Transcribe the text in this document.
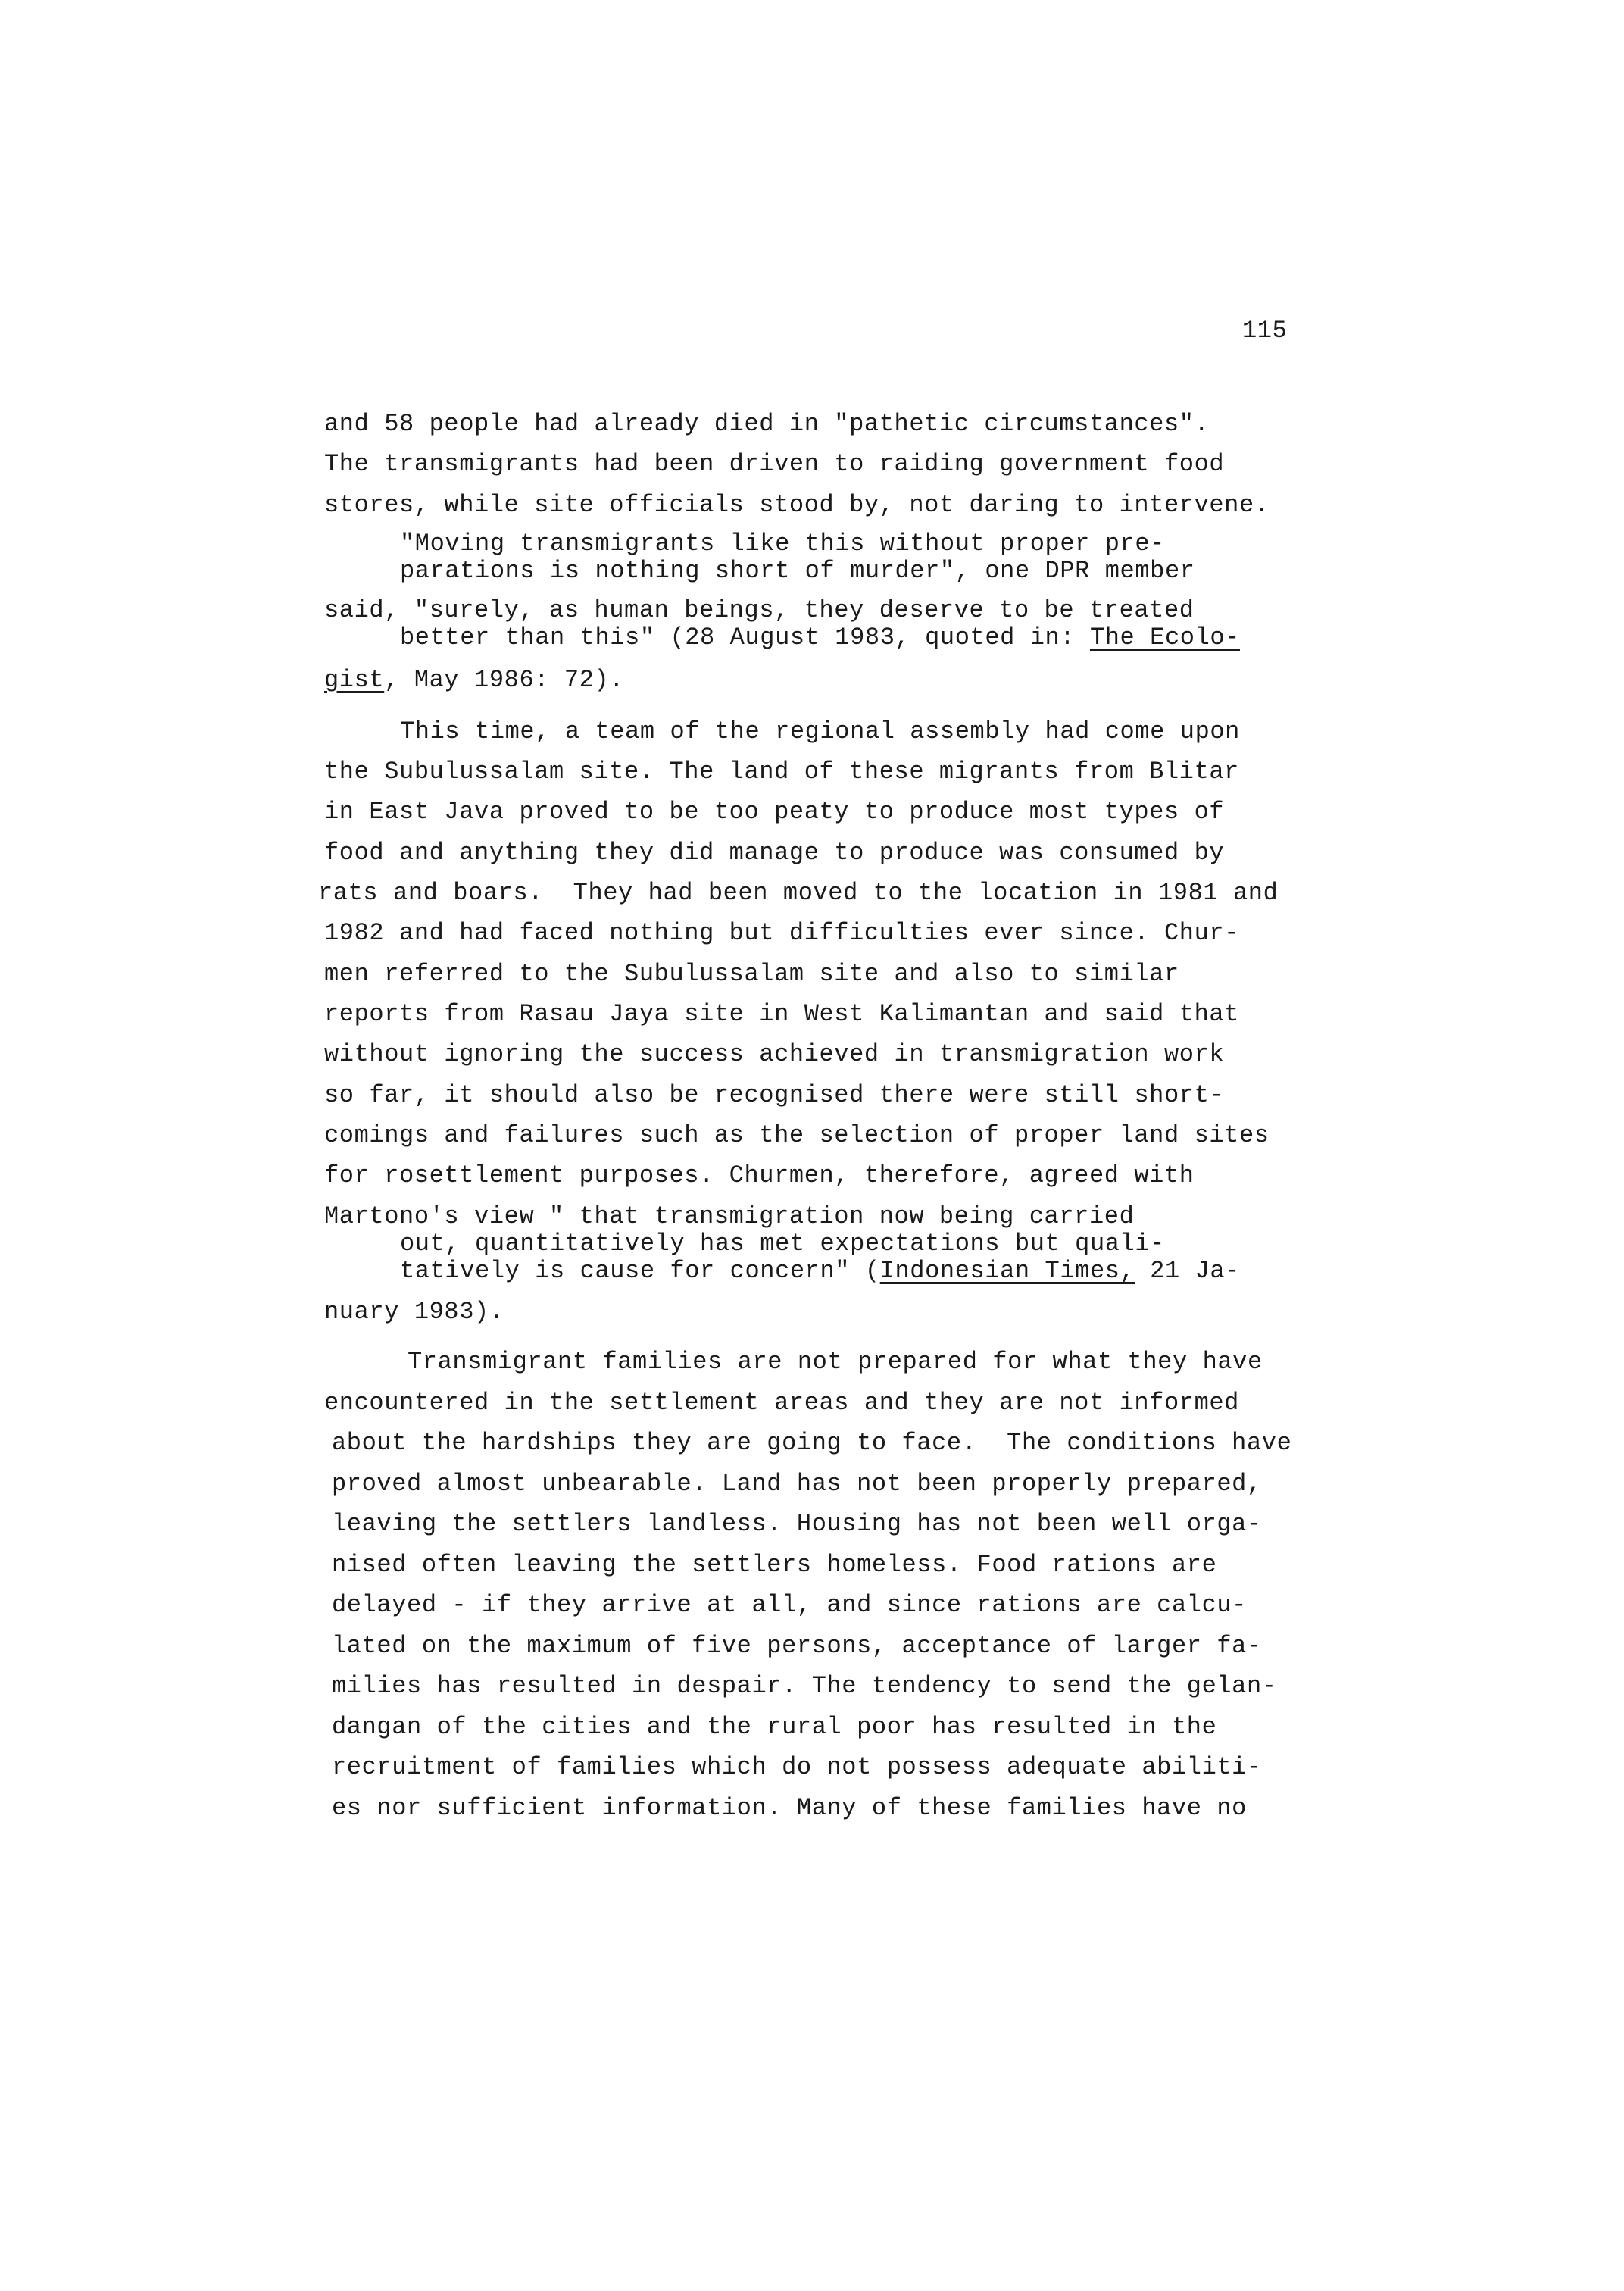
115
and 58 people had already died in "pathetic circumstances".
The transmigrants had been driven to raiding government food
stores, while site officials stood by, not daring to intervene.
"Moving transmigrants like this without proper pre-
parations is nothing short of murder", one DPR member
said, "surely, as human beings, they deserve to be treated
better than this" (28 August 1983, quoted in: The Ecolo-
gist, May 1986: 72).
This time, a team of the regional assembly had come upon
the Subulussalam site. The land of these migrants from Blitar
in East Java proved to be too peaty to produce most types of
food and anything they did manage to produce was consumed by
rats and boars.  They had been moved to the location in 1981 and
1982 and had faced nothing but difficulties ever since. Chur-
men referred to the Subulussalam site and also to similar
reports from Rasau Jaya site in West Kalimantan and said that
without ignoring the success achieved in transmigration work
so far, it should also be recognised there were still short-
comings and failures such as the selection of proper land sites
for rosettlement purposes. Churmen, therefore, agreed with
Martono's view " that transmigration now being carried
out, quantitatively has met expectations but quali-
tatively is cause for concern" (Indonesian Times, 21 Ja-
nuary 1983).
Transmigrant families are not prepared for what they have
encountered in the settlement areas and they are not informed
about the hardships they are going to face.  The conditions have
proved almost unbearable. Land has not been properly prepared,
leaving the settlers landless. Housing has not been well orga-
nised often leaving the settlers homeless. Food rations are
delayed - if they arrive at all, and since rations are calcu-
lated on the maximum of five persons, acceptance of larger fa-
milies has resulted in despair. The tendency to send the gelan-
dangan of the cities and the rural poor has resulted in the
recruitment of families which do not possess adequate abiliti-
es nor sufficient information. Many of these families have no
